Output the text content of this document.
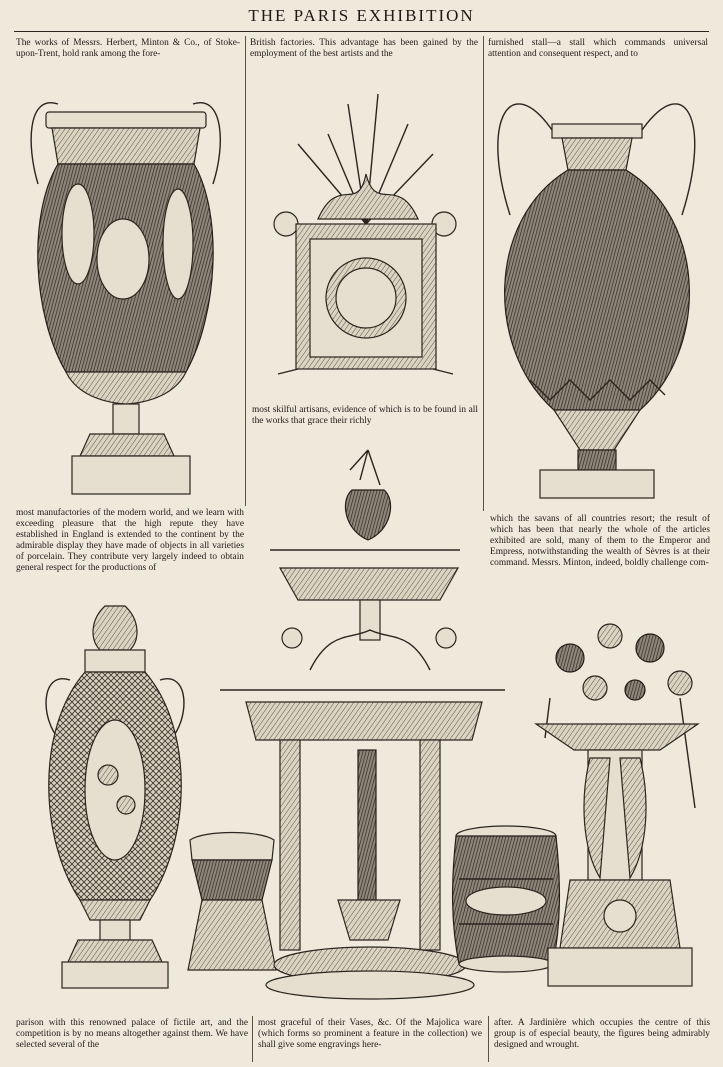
THE PARIS EXHIBITION

The works of Messrs. Herbert, Minton & Co., of Stoke-upon-Trent, hold rank among the fore-

British factories. This advantage has been gained by the employment of the best artists and the

furnished stall—a stall which commands universal attention and consequent respect, and to

most skilful artisans, evidence of which is to be found in all the works that grace their richly

most manufactories of the modern world, and we learn with exceeding pleasure that the high repute they have established in England is extended to the continent by the admirable display they have made of objects in all varieties of porcelain. They contribute very largely indeed to obtain general respect for the productions of

which the savans of all countries resort; the result of which has been that nearly the whole of the articles exhibited are sold, many of them to the Emperor and Empress, notwithstanding the wealth of Sèvres is at their command. Messrs. Minton, indeed, boldly challenge com-

parison with this renowned palace of fictile art, and the competition is by no means altogether against them. We have selected several of the

most graceful of their Vases, &c. Of the Majolica ware (which forms so prominent a feature in the collection) we shall give some engravings here-

after. A Jardinière which occupies the centre of this group is of especial beauty, the figures being admirably designed and wrought.
